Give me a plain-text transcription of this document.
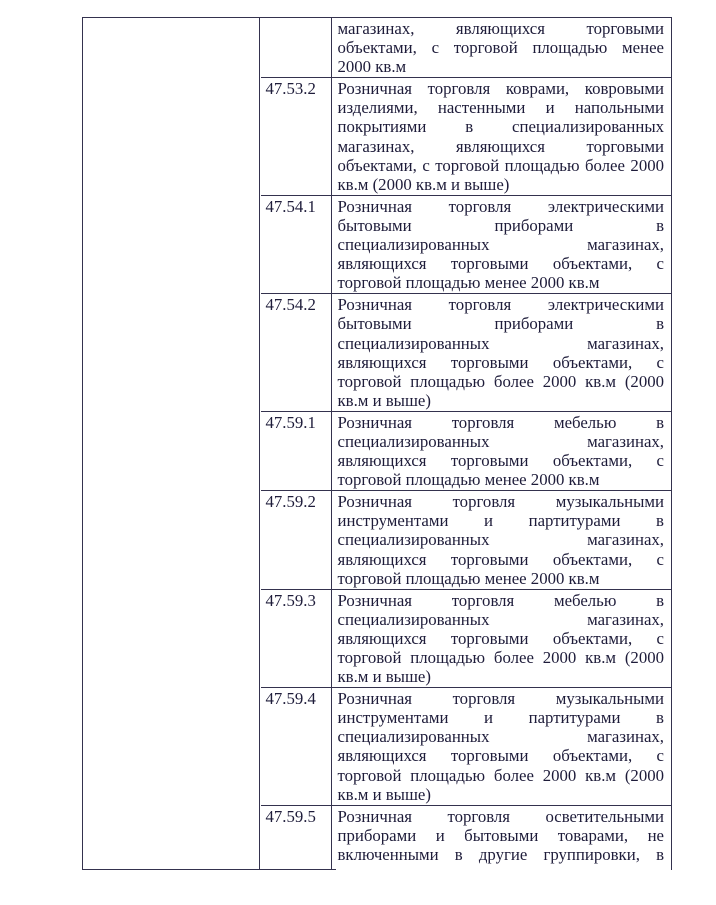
магазинах, являющихся торговыми
объектами, с торговой площадью менее
2000 кв.м
47.53.2	Розничная торговля коврами, ковровыми
изделиями, настенными и напольными
покрытиями в специализированных
магазинах, являющихся торговыми
объектами, с торговой площадью более 2000
кв.м (2000 кв.м и выше)
47.54.1	Розничная торговля электрическими
бытовыми приборами в
специализированных магазинах,
являющихся торговыми объектами, с
торговой площадью менее 2000 кв.м
47.54.2	Розничная торговля электрическими
бытовыми приборами в
специализированных магазинах,
являющихся торговыми объектами, с
торговой площадью более 2000 кв.м (2000
кв.м и выше)
47.59.1	Розничная торговля мебелью в
специализированных магазинах,
являющихся торговыми объектами, с
торговой площадью менее 2000 кв.м
47.59.2	Розничная торговля музыкальными
инструментами и партитурами в
специализированных магазинах,
являющихся торговыми объектами, с
торговой площадью менее 2000 кв.м
47.59.3	Розничная торговля мебелью в
специализированных магазинах,
являющихся торговыми объектами, с
торговой площадью более 2000 кв.м (2000
кв.м и выше)
47.59.4	Розничная торговля музыкальными
инструментами и партитурами в
специализированных магазинах,
являющихся торговыми объектами, с
торговой площадью более 2000 кв.м (2000
кв.м и выше)
47.59.5	Розничная торговля осветительными
приборами и бытовыми товарами, не
включенными в другие группировки, в
